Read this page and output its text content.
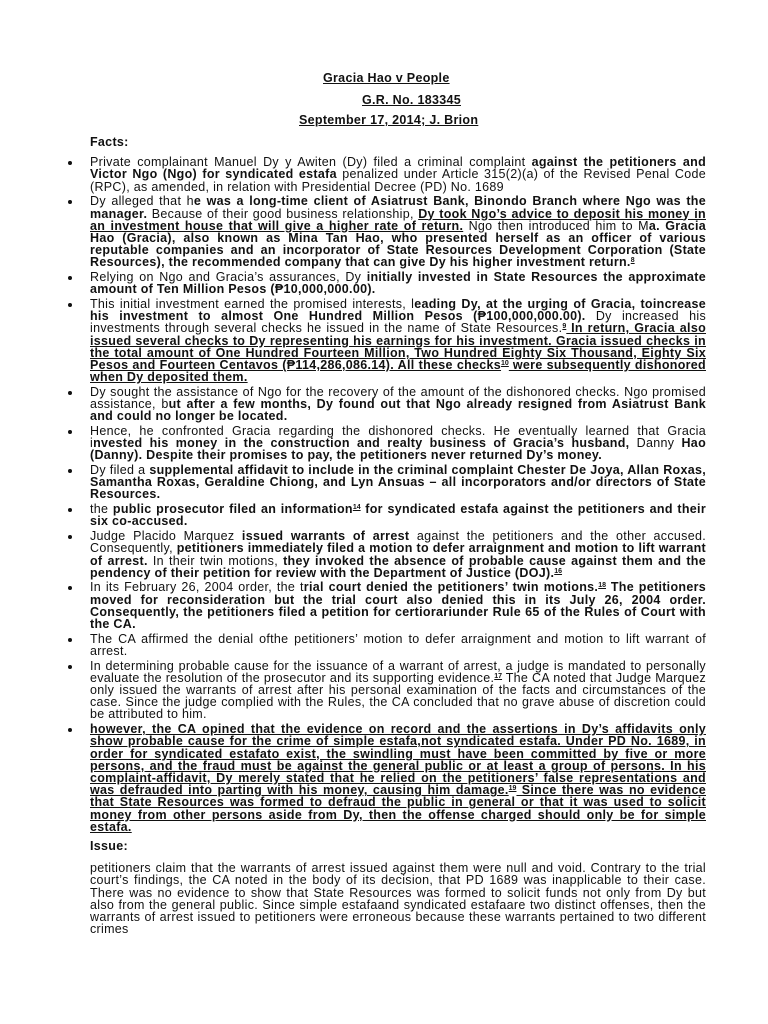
Gracia Hao v People
G.R. No. 183345
September 17, 2014; J. Brion
Facts:
Private complainant Manuel Dy y Awiten (Dy) filed a criminal complaint against the petitioners and Victor Ngo (Ngo) for syndicated estafa penalized under Article 315(2)(a) of the Revised Penal Code (RPC), as amended, in relation with Presidential Decree (PD) No. 1689
Dy alleged that he was a long-time client of Asiatrust Bank, Binondo Branch where Ngo was the manager. Because of their good business relationship, Dy took Ngo’s advice to deposit his money in an investment house that will give a higher rate of return. Ngo then introduced him to Ma. Gracia Hao (Gracia), also known as Mina Tan Hao, who presented herself as an officer of various reputable companies and an incorporator of State Resources Development Corporation (State Resources), the recommended company that can give Dy his higher investment return.$^8$
Relying on Ngo and Gracia’s assurances, Dy initially invested in State Resources the approximate amount of Ten Million Pesos (₱10,000,000.00).
This initial investment earned the promised interests, leading Dy, at the urging of Gracia, toincrease his investment to almost One Hundred Million Pesos (₱100,000,000.00). Dy increased his investments through several checks he issued in the name of State Resources.$^9$ In return, Gracia also issued several checks to Dy representing his earnings for his investment. Gracia issued checks in the total amount of One Hundred Fourteen Million, Two Hundred Eighty Six Thousand, Eighty Six Pesos and Fourteen Centavos (₱114,286,086.14). All these checks$^{10}$ were subsequently dishonored when Dy deposited them.
Dy sought the assistance of Ngo for the recovery of the amount of the dishonored checks. Ngo promised assistance, but after a few months, Dy found out that Ngo already resigned from Asiatrust Bank and could no longer be located.
Hence, he confronted Gracia regarding the dishonored checks. He eventually learned that Gracia invested his money in the construction and realty business of Gracia’s husband, Danny Hao (Danny). Despite their promises to pay, the petitioners never returned Dy’s money.
Dy filed a supplemental affidavit to include in the criminal complaint Chester De Joya, Allan Roxas, Samantha Roxas, Geraldine Chiong, and Lyn Ansuas – all incorporators and/or directors of State Resources.
the public prosecutor filed an information$^{14}$ for syndicated estafa against the petitioners and their six co-accused.
Judge Placido Marquez issued warrants of arrest against the petitioners and the other accused. Consequently, petitioners immediately filed a motion to defer arraignment and motion to lift warrant of arrest. In their twin motions, they invoked the absence of probable cause against them and the pendency of their petition for review with the Department of Justice (DOJ).$^{16}$
In its February 26, 2004 order, the trial court denied the petitioners’ twin motions.$^{18}$ The petitioners moved for reconsideration but the trial court also denied this in its July 26, 2004 order. Consequently, the petitioners filed a petition for certiorariunder Rule 65 of the Rules of Court with the CA.
The CA affirmed the denial ofthe petitioners’ motion to defer arraignment and motion to lift warrant of arrest.
In determining probable cause for the issuance of a warrant of arrest, a judge is mandated to personally evaluate the resolution of the prosecutor and its supporting evidence.$^{17}$ The CA noted that Judge Marquez only issued the warrants of arrest after his personal examination of the facts and circumstances of the case. Since the judge complied with the Rules, the CA concluded that no grave abuse of discretion could be attributed to him.
however, the CA opined that the evidence on record and the assertions in Dy’s affidavits only show probable cause for the crime of simple estafa,not syndicated estafa. Under PD No. 1689, in order for syndicated estafato exist, the swindling must have been committed by five or more persons, and the fraud must be against the general public or at least a group of persons. In his complaint-affidavit, Dy merely stated that he relied on the petitioners’ false representations and was defrauded into parting with his money, causing him damage.$^{19}$ Since there was no evidence that State Resources was formed to defraud the public in general or that it was used to solicit money from other persons aside from Dy, then the offense charged should only be for simple estafa.
Issue:

petitioners claim that the warrants of arrest issued against them were null and void. Contrary to the trial court’s findings, the CA noted in the body of its decision, that PD 1689 was inapplicable to their case. There was no evidence to show that State Resources was formed to solicit funds not only from Dy but also from the general public. Since simple estafaand syndicated estafaare two distinct offenses, then the warrants of arrest issued to petitioners were erroneous because these warrants pertained to two different crimes
